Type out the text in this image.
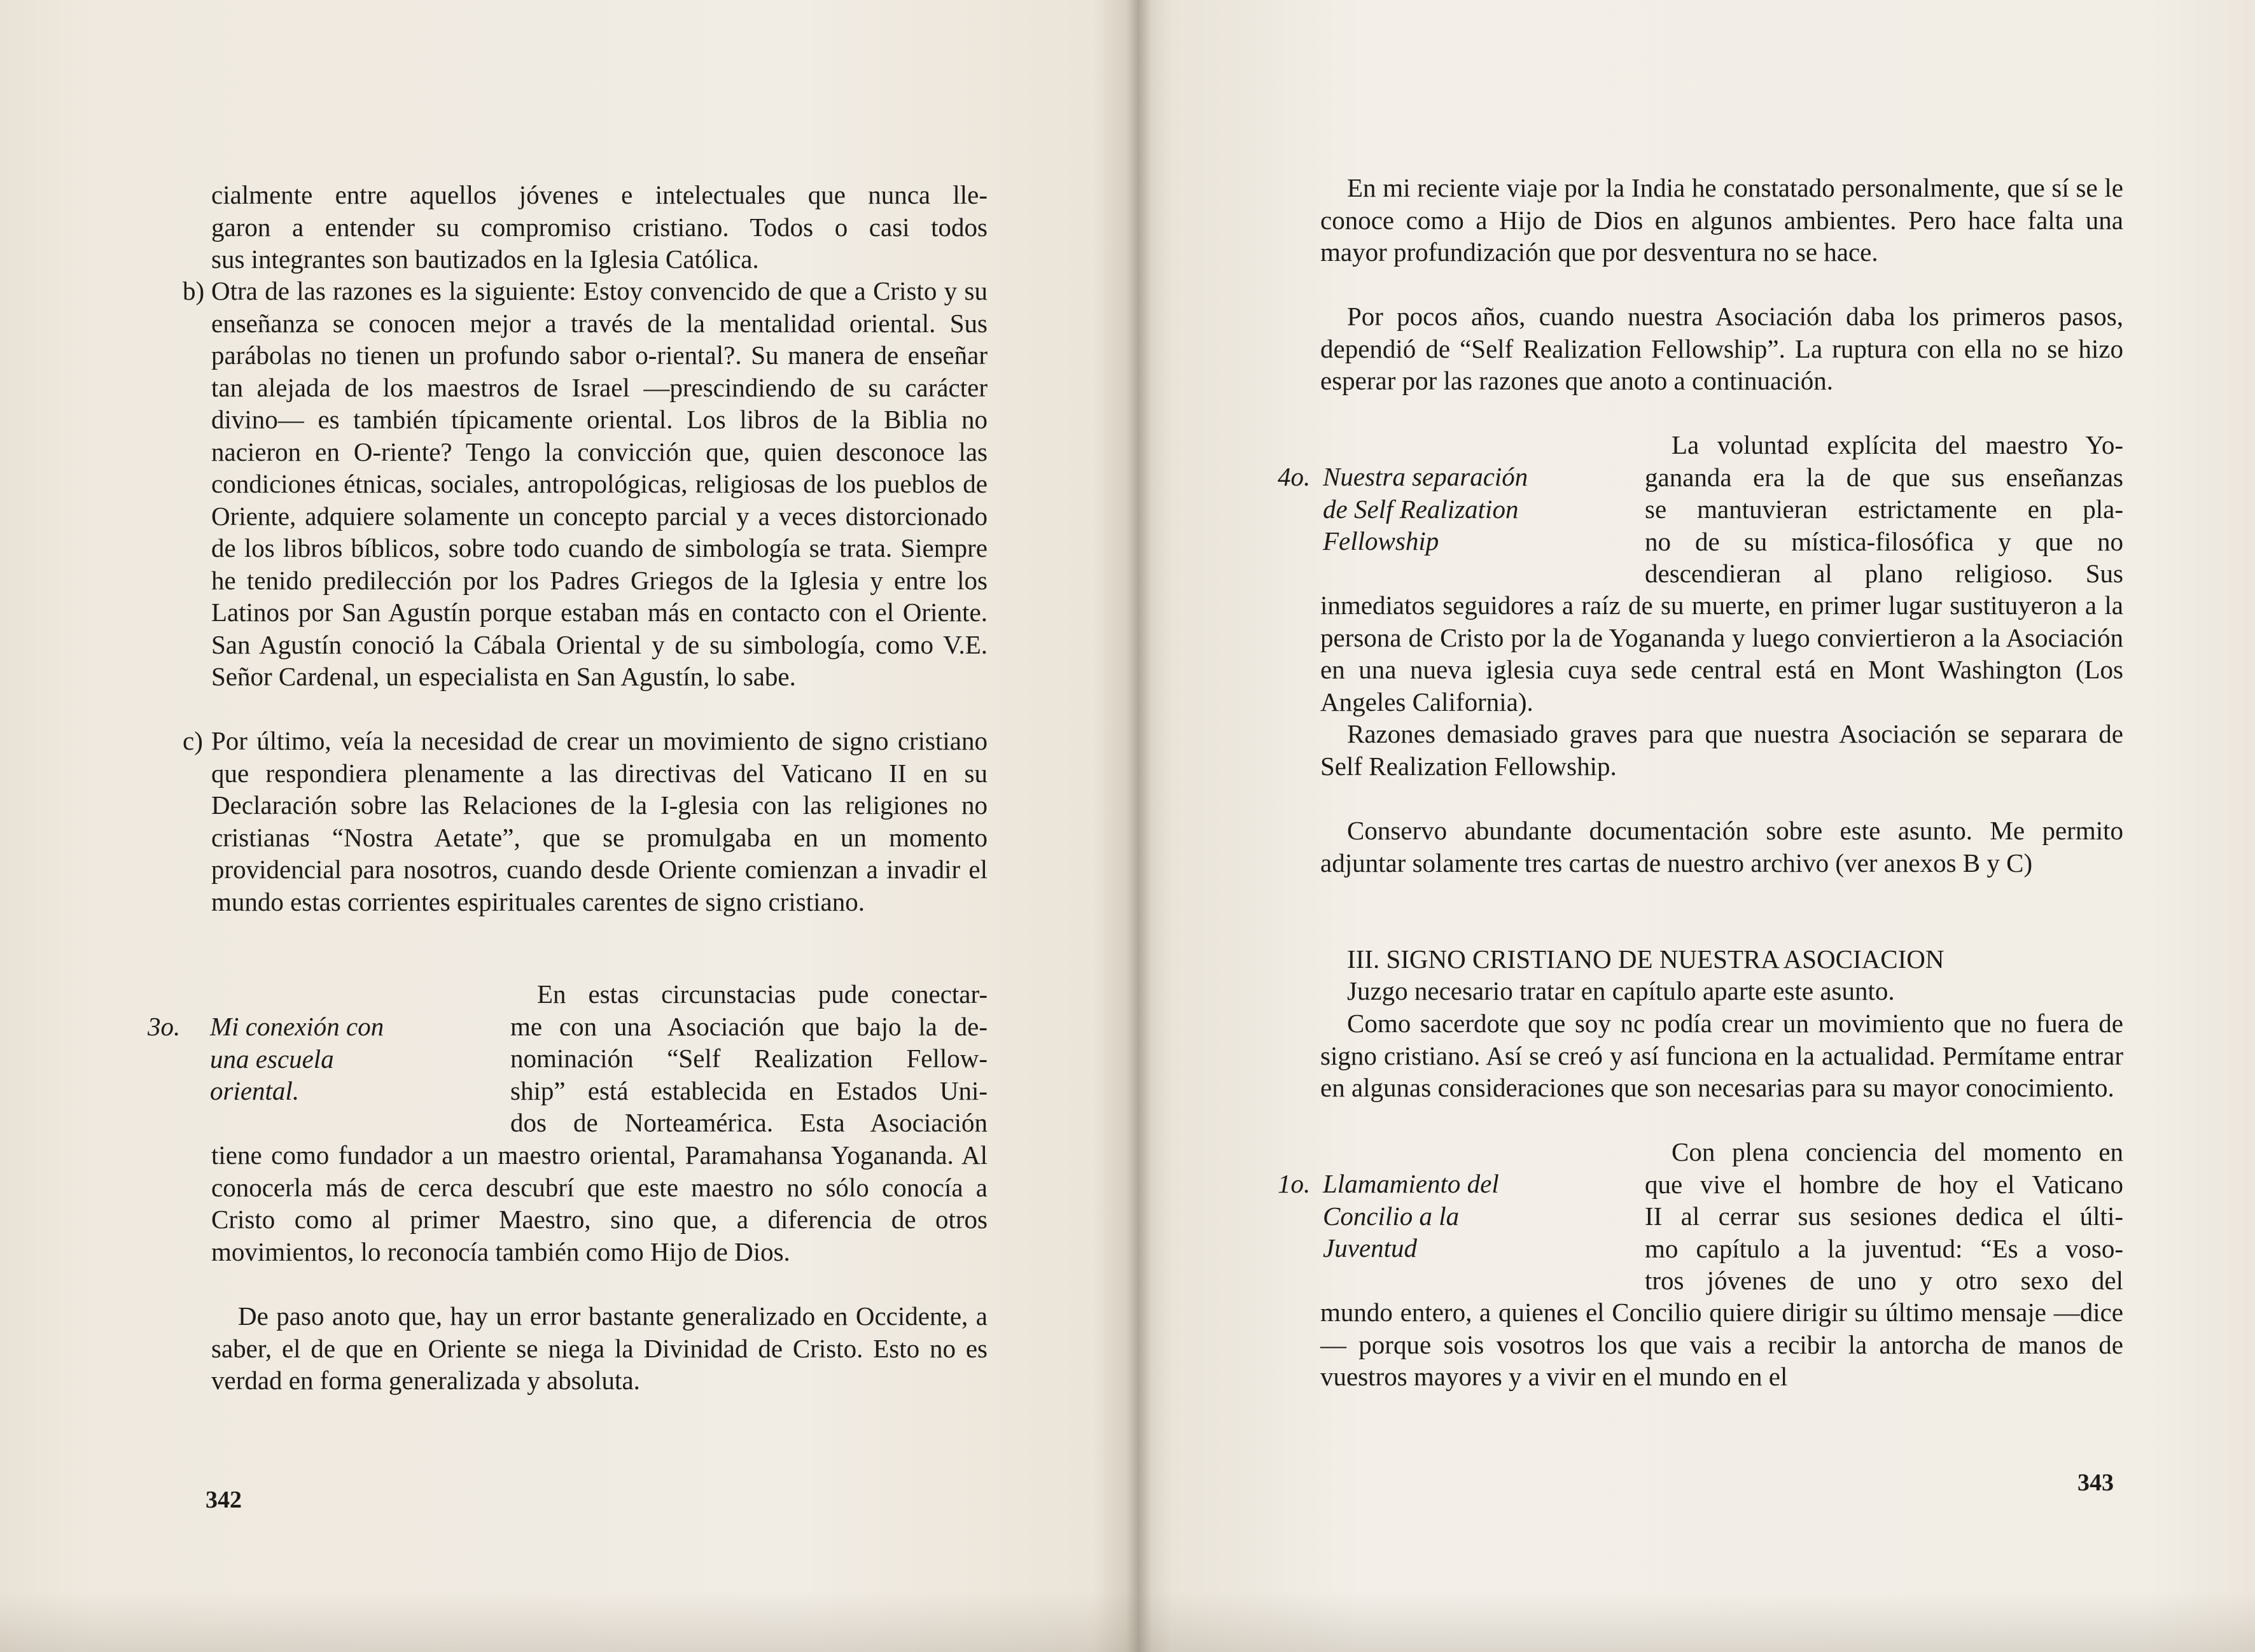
cialmente entre aquellos jóvenes e intelectuales que nunca lle-

garon a entender su compromiso cristiano. Todos o casi todos

sus integrantes son bautizados en la Iglesia Católica.

b) Otra de las razones es la siguiente: Estoy convencido de que a Cristo y su enseñanza se conocen mejor a través de la mentalidad oriental. Sus parábolas no tienen un profundo sabor o-riental?. Su manera de enseñar tan alejada de los maestros de Israel —prescindiendo de su carácter divino— es también típicamente oriental. Los libros de la Biblia no nacieron en O-riente? Tengo la convicción que, quien desconoce las condiciones étnicas, sociales, antropológicas, religiosas de los pueblos de Oriente, adquiere solamente un concepto parcial y a veces distorcionado de los libros bíblicos, sobre todo cuando de simbología se trata. Siempre he tenido predilección por los Padres Griegos de la Iglesia y entre los Latinos por San Agustín porque estaban más en contacto con el Oriente. San Agustín conoció la Cábala Oriental y de su simbología, como V.E. Señor Cardenal, un especialista en San Agustín, lo sabe.

c) Por último, veía la necesidad de crear un movimiento de signo cristiano que respondiera plenamente a las directivas del Vaticano II en su Declaración sobre las Relaciones de la I-glesia con las religiones no cristianas “Nostra Aetate”, que se promulgaba en un momento providencial para nosotros, cuando desde Oriente comienzan a invadir el mundo estas corrientes espirituales carentes de signo cristiano.

3o. Mi conexión con
una escuela
oriental.
En estas circunstacias pude conectar-
me con una Asociación que bajo la de-
nominación “Self Realization Fellow-
ship” está establecida en Estados Uni-
dos de Norteamérica. Esta Asociación

tiene como fundador a un maestro oriental, Paramahansa Yogananda. Al conocerla más de cerca descubrí que este maestro no sólo conocía a Cristo como al primer Maestro, sino que, a diferencia de otros movimientos, lo reconocía también como Hijo de Dios.

De paso anoto que, hay un error bastante generalizado en Occidente, a saber, el de que en Oriente se niega la Divinidad de Cristo. Esto no es verdad en forma generalizada y absoluta.

342

En mi reciente viaje por la India he constatado personalmente, que sí se le conoce como a Hijo de Dios en algunos ambientes. Pero hace falta una mayor profundización que por desventura no se hace.

Por pocos años, cuando nuestra Asociación daba los primeros pasos, dependió de “Self Realization Fellowship”. La ruptura con ella no se hizo esperar por las razones que anoto a continuación.

4o. Nuestra separación
de Self Realization
Fellowship
La voluntad explícita del maestro Yo-
gananda era la de que sus enseñanzas
se mantuvieran estrictamente en pla-
no de su mística-filosófica y que no
descendieran al plano religioso. Sus

inmediatos seguidores a raíz de su muerte, en primer lugar sustituyeron a la persona de Cristo por la de Yogananda y luego conviertieron a la Asociación en una nueva iglesia cuya sede central está en Mont Washington (Los Angeles California).

Razones demasiado graves para que nuestra Asociación se separara de Self Realization Fellowship.

Conservo abundante documentación sobre este asunto. Me permito adjuntar solamente tres cartas de nuestro archivo (ver anexos B y C)

III. SIGNO CRISTIANO DE NUESTRA ASOCIACION

Juzgo necesario tratar en capítulo aparte este asunto.

Como sacerdote que soy nc podía crear un movimiento que no fuera de signo cristiano. Así se creó y así funciona en la actualidad. Permítame entrar en algunas consideraciones que son necesarias para su mayor conocimiento.

1o. Llamamiento del
Concilio a la
Juventud
Con plena conciencia del momento en
que vive el hombre de hoy el Vaticano
II al cerrar sus sesiones dedica el últi-
mo capítulo a la juventud: “Es a voso-
tros jóvenes de uno y otro sexo del

mundo entero, a quienes el Concilio quiere dirigir su último mensaje —dice— porque sois vosotros los que vais a recibir la antorcha de manos de vuestros mayores y a vivir en el mundo en el

343
